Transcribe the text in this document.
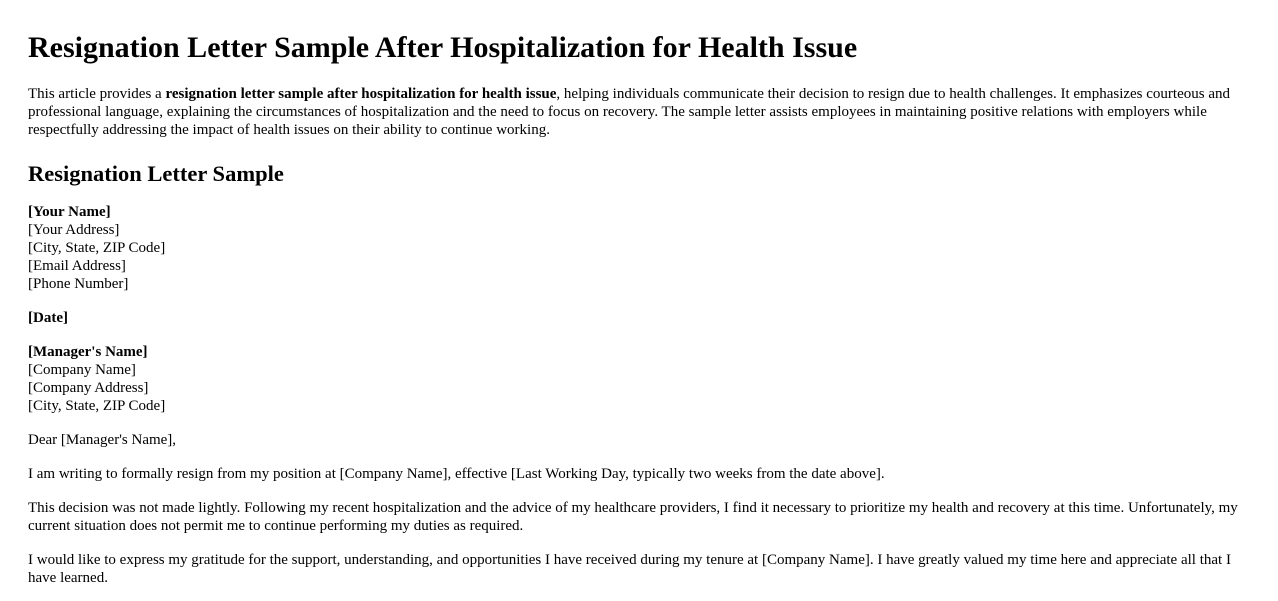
Resignation Letter Sample After Hospitalization for Health Issue

This article provides a resignation letter sample after hospitalization for health issue, helping individuals communicate their decision to resign due to health challenges. It emphasizes courteous and professional language, explaining the circumstances of hospitalization and the need to focus on recovery. The sample letter assists employees in maintaining positive relations with employers while respectfully addressing the impact of health issues on their ability to continue working.

Resignation Letter Sample
[Your Name]
[Your Address]
[City, State, ZIP Code]
[Email Address]
[Phone Number]
[Date]
[Manager's Name]
[Company Name]
[Company Address]
[City, State, ZIP Code]

Dear [Manager's Name],

I am writing to formally resign from my position at [Company Name], effective [Last Working Day, typically two weeks from the date above].

This decision was not made lightly. Following my recent hospitalization and the advice of my healthcare providers, I find it necessary to prioritize my health and recovery at this time. Unfortunately, my current situation does not permit me to continue performing my duties as required.

I would like to express my gratitude for the support, understanding, and opportunities I have received during my tenure at [Company Name]. I have greatly valued my time here and appreciate all that I have learned.
